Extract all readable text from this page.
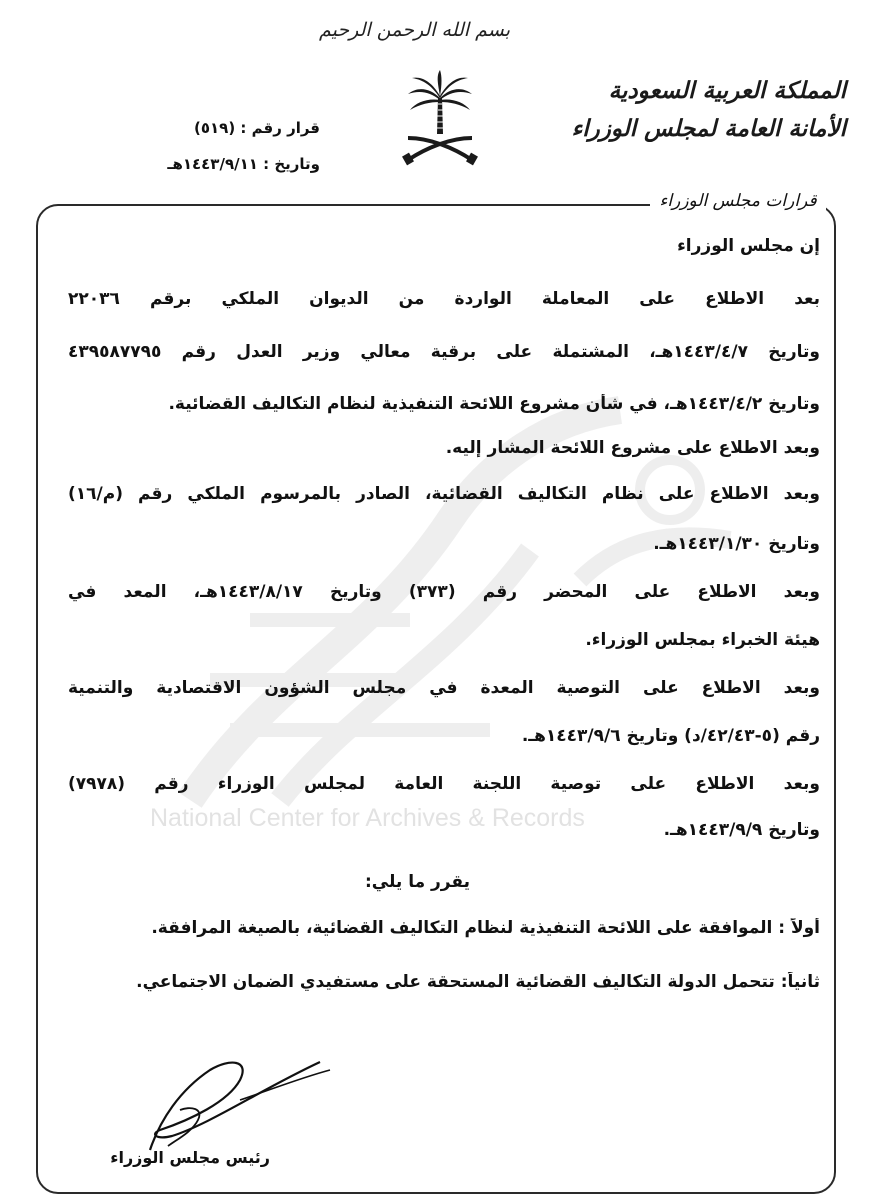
بسم الله الرحمن الرحيم
قرار رقم : (٥١٩)
وتاريخ : ١٤٤٣/٩/١١هـ
المملكة العربية السعودية
الأمانة العامة لمجلس الوزراء
قرارات مجلس الوزراء
National Center for Archives & Records
إن مجلس الوزراء
بعد الاطلاع على المعاملة الواردة من الديوان الملكي برقم ٢٢٠٣٦
وتاريخ ١٤٤٣/٤/٧هـ، المشتملة على برقية معالي وزير العدل رقم ٤٣٩٥٨٧٧٩٥
وتاريخ ١٤٤٣/٤/٢هـ، في شأن مشروع اللائحة التنفيذية لنظام التكاليف القضائية.
وبعد الاطلاع على مشروع اللائحة المشار إليه.
وبعد الاطلاع على نظام التكاليف القضائية، الصادر بالمرسوم الملكي رقم (م/١٦)
وتاريخ ١٤٤٣/١/٣٠هـ.
وبعد الاطلاع على المحضر رقم (٣٧٣) وتاريخ ١٤٤٣/٨/١٧هـ، المعد في
هيئة الخبراء بمجلس الوزراء.
وبعد الاطلاع على التوصية المعدة في مجلس الشؤون الاقتصادية والتنمية
رقم (٥-٤٢/٤٣/د) وتاريخ ١٤٤٣/٩/٦هـ.
وبعد الاطلاع على توصية اللجنة العامة لمجلس الوزراء رقم (٧٩٧٨)
وتاريخ ١٤٤٣/٩/٩هـ.
يقرر ما يلي:
أولاً : الموافقة على اللائحة التنفيذية لنظام التكاليف القضائية، بالصيغة المرافقة.
ثانياً: تتحمل الدولة التكاليف القضائية المستحقة على مستفيدي الضمان الاجتماعي.
رئيس مجلس الوزراء
